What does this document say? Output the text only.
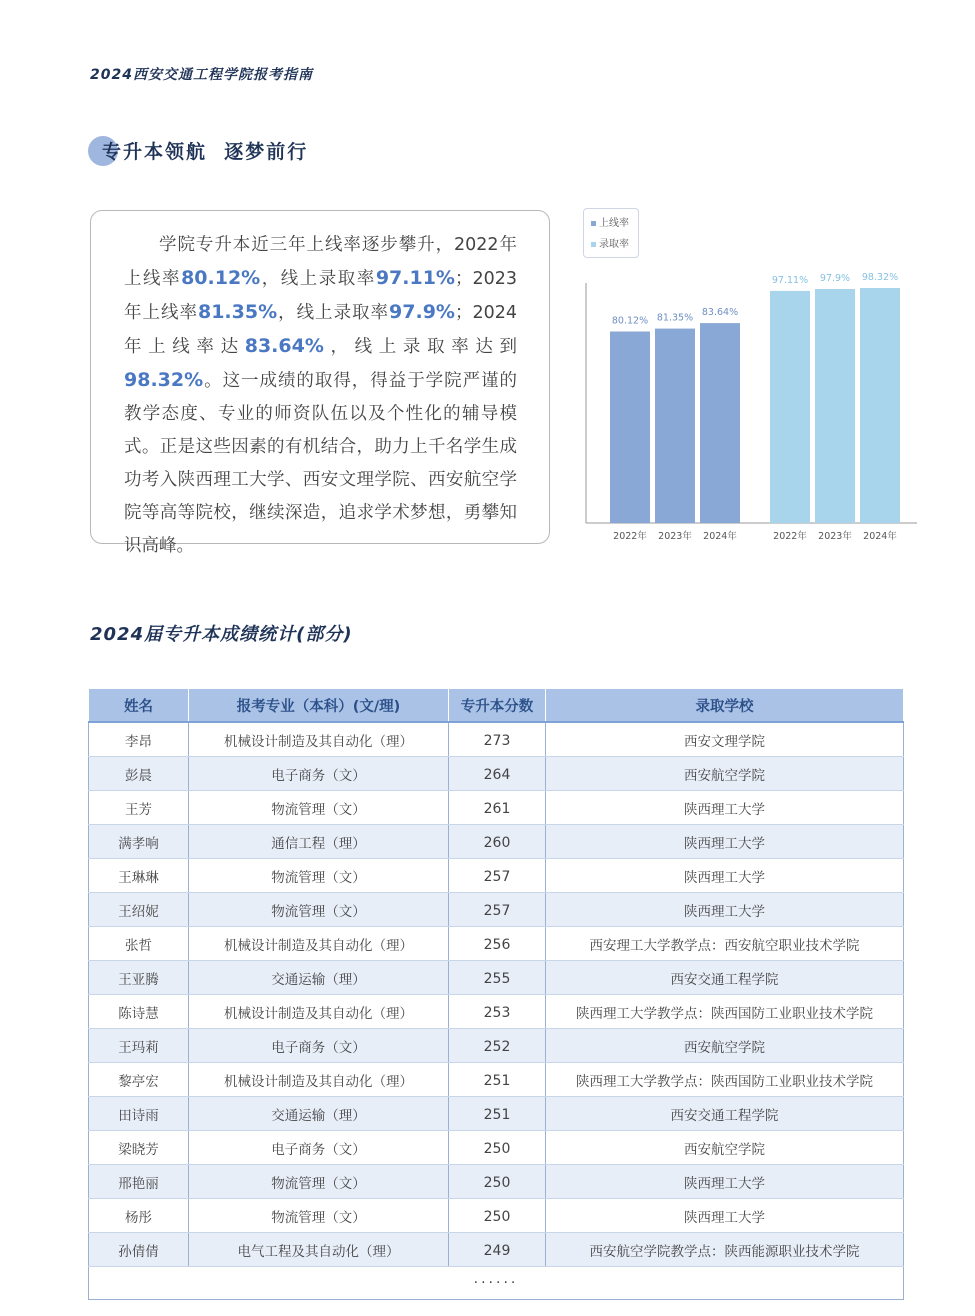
2024西安交通工程学院报考指南
专升本领航  逐梦前行

学院专升本近三年上线率逐步攀升，2022年上线率80.12%，线上录取率97.11%；2023年上线率81.35%，线上录取率97.9%；2024年上线率达83.64%，线上录取率达到98.32%。这一成绩的取得，得益于学院严谨的教学态度、专业的师资队伍以及个性化的辅导模式。正是这些因素的有机结合，助力上千名学生成功考入陕西理工大学、西安文理学院、西安航空学院等高等院校，继续深造，追求学术梦想，勇攀知识高峰。

上线率
录取率
80.12%
2022年
81.35%
2023年
83.64%
2024年
97.11%
2022年
97.9%
2023年
98.32%
2024年
2024届专升本成绩统计(部分)
姓名	报考专业（本科）(文/理)	专升本分数	录取学校
李昂	机械设计制造及其自动化（理）	273	西安文理学院
彭晨	电子商务（文）	264	西安航空学院
王芳	物流管理（文）	261	陕西理工大学
满孝响	通信工程（理）	260	陕西理工大学
王琳琳	物流管理（文）	257	陕西理工大学
王绍妮	物流管理（文）	257	陕西理工大学
张哲	机械设计制造及其自动化（理）	256	西安理工大学教学点：西安航空职业技术学院
王亚腾	交通运输（理）	255	西安交通工程学院
陈诗慧	机械设计制造及其自动化（理）	253	陕西理工大学教学点：陕西国防工业职业技术学院
王玛莉	电子商务（文）	252	西安航空学院
黎亭宏	机械设计制造及其自动化（理）	251	陕西理工大学教学点：陕西国防工业职业技术学院
田诗雨	交通运输（理）	251	西安交通工程学院
梁晓芳	电子商务（文）	250	西安航空学院
邢艳丽	物流管理（文）	250	陕西理工大学
杨彤	物流管理（文）	250	陕西理工大学
孙倩倩	电气工程及其自动化（理）	249	西安航空学院教学点：陕西能源职业技术学院
······			
